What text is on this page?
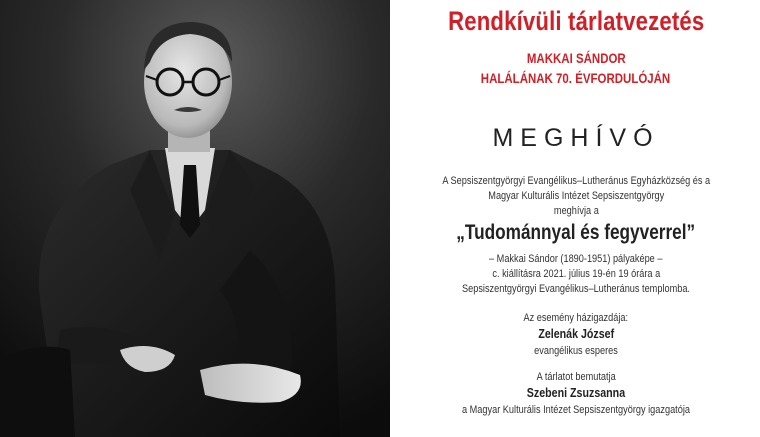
Rendkívüli tárlatvezetés
MAKKAI SÁNDOR
HALÁLÁNAK 70. ÉVFORDULÓJÁN
MEGHÍVÓ
A Sepsiszentgyörgyi Evangélikus–Lutheránus Egyházközség és a
Magyar Kulturális Intézet Sepsiszentgyörgy
meghívja a
„Tudománnyal és fegyverrel”
– Makkai Sándor (1890-1951) pályaképe –
c. kiállításra 2021. július 19-én 19 órára a
Sepsiszentgyörgyi Evangélikus–Lutheránus templomba.
Az esemény házigazdája:
Zelenák József
evangélikus esperes
A tárlatot bemutatja
Szebeni Zsuzsanna
a Magyar Kulturális Intézet Sepsiszentgyörgy igazgatója
